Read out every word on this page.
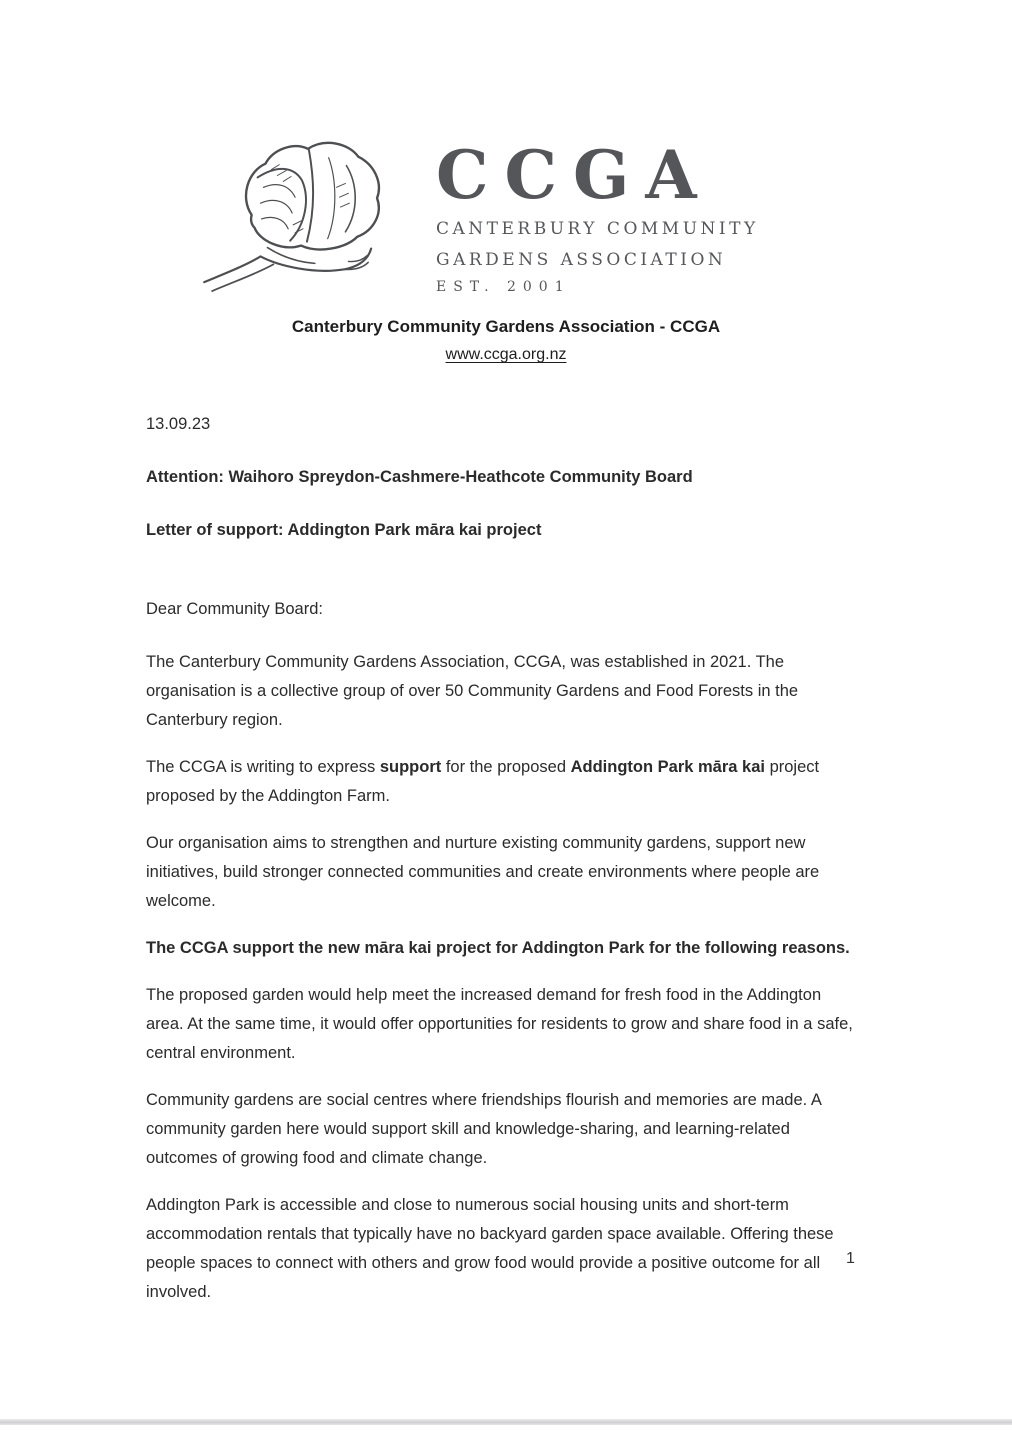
CCGA
CANTERBURY COMMUNITY
GARDENS ASSOCIATION
EST. 2001
Canterbury Community Gardens Association - CCGA
www.ccga.org.nz

13.09.23

Attention: Waihoro Spreydon-Cashmere-Heathcote Community Board

Letter of support: Addington Park māra kai project

Dear Community Board:

The Canterbury Community Gardens Association, CCGA, was established in 2021. The organisation is a collective group of over 50 Community Gardens and Food Forests in the Canterbury region.

The CCGA is writing to express support for the proposed Addington Park māra kai project proposed by the Addington Farm.

Our organisation aims to strengthen and nurture existing community gardens, support new initiatives, build stronger connected communities and create environments where people are welcome.

The CCGA support the new māra kai project for Addington Park for the following reasons.

The proposed garden would help meet the increased demand for fresh food in the Addington area. At the same time, it would offer opportunities for residents to grow and share food in a safe, central environment.

Community gardens are social centres where friendships flourish and memories are made. A community garden here would support skill and knowledge-sharing, and learning-related outcomes of growing food and climate change.

Addington Park is accessible and close to numerous social housing units and short-term accommodation rentals that typically have no backyard garden space available. Offering these people spaces to connect with others and grow food would provide a positive outcome for all involved.

1
